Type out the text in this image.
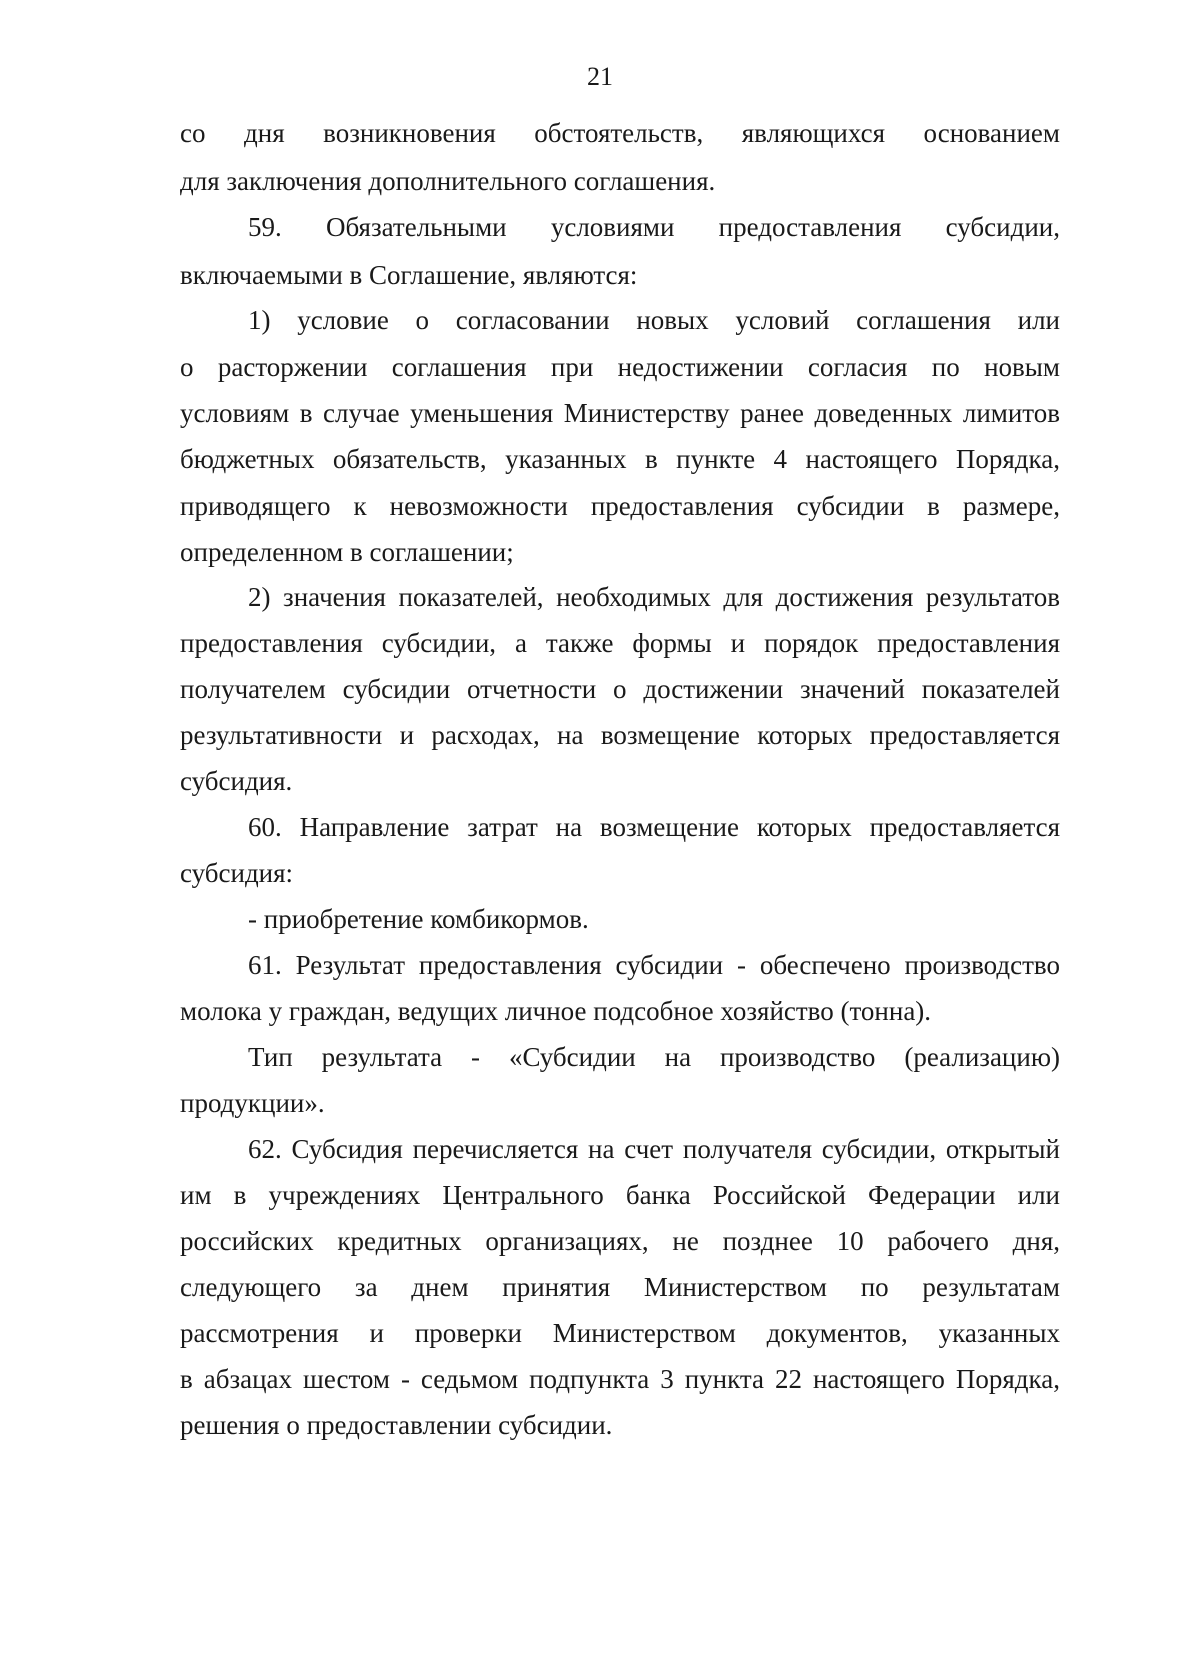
21
со дня возникновения обстоятельств, являющихся основанием
для заключения дополнительного соглашения.
59. Обязательными условиями предоставления субсидии,
включаемыми в Соглашение, являются:
1) условие о согласовании новых условий соглашения или
о расторжении соглашения при недостижении согласия по новым
условиям в случае уменьшения Министерству ранее доведенных лимитов
бюджетных обязательств, указанных в пункте 4 настоящего Порядка,
приводящего к невозможности предоставления субсидии в размере,
определенном в соглашении;
2) значения показателей, необходимых для достижения результатов
предоставления субсидии, а также формы и порядок предоставления
получателем субсидии отчетности о достижении значений показателей
результативности и расходах, на возмещение которых предоставляется
субсидия.
60. Направление затрат на возмещение которых предоставляется
субсидия:
- приобретение комбикормов.
61. Результат предоставления субсидии - обеспечено производство
молока у граждан, ведущих личное подсобное хозяйство (тонна).
Тип результата - «Субсидии на производство (реализацию)
продукции».
62. Субсидия перечисляется на счет получателя субсидии, открытый
им в учреждениях Центрального банка Российской Федерации или
российских кредитных организациях, не позднее 10 рабочего дня,
следующего за днем принятия Министерством по результатам
рассмотрения и проверки Министерством документов, указанных
в абзацах шестом - седьмом подпункта 3 пункта 22 настоящего Порядка,
решения о предоставлении субсидии.
